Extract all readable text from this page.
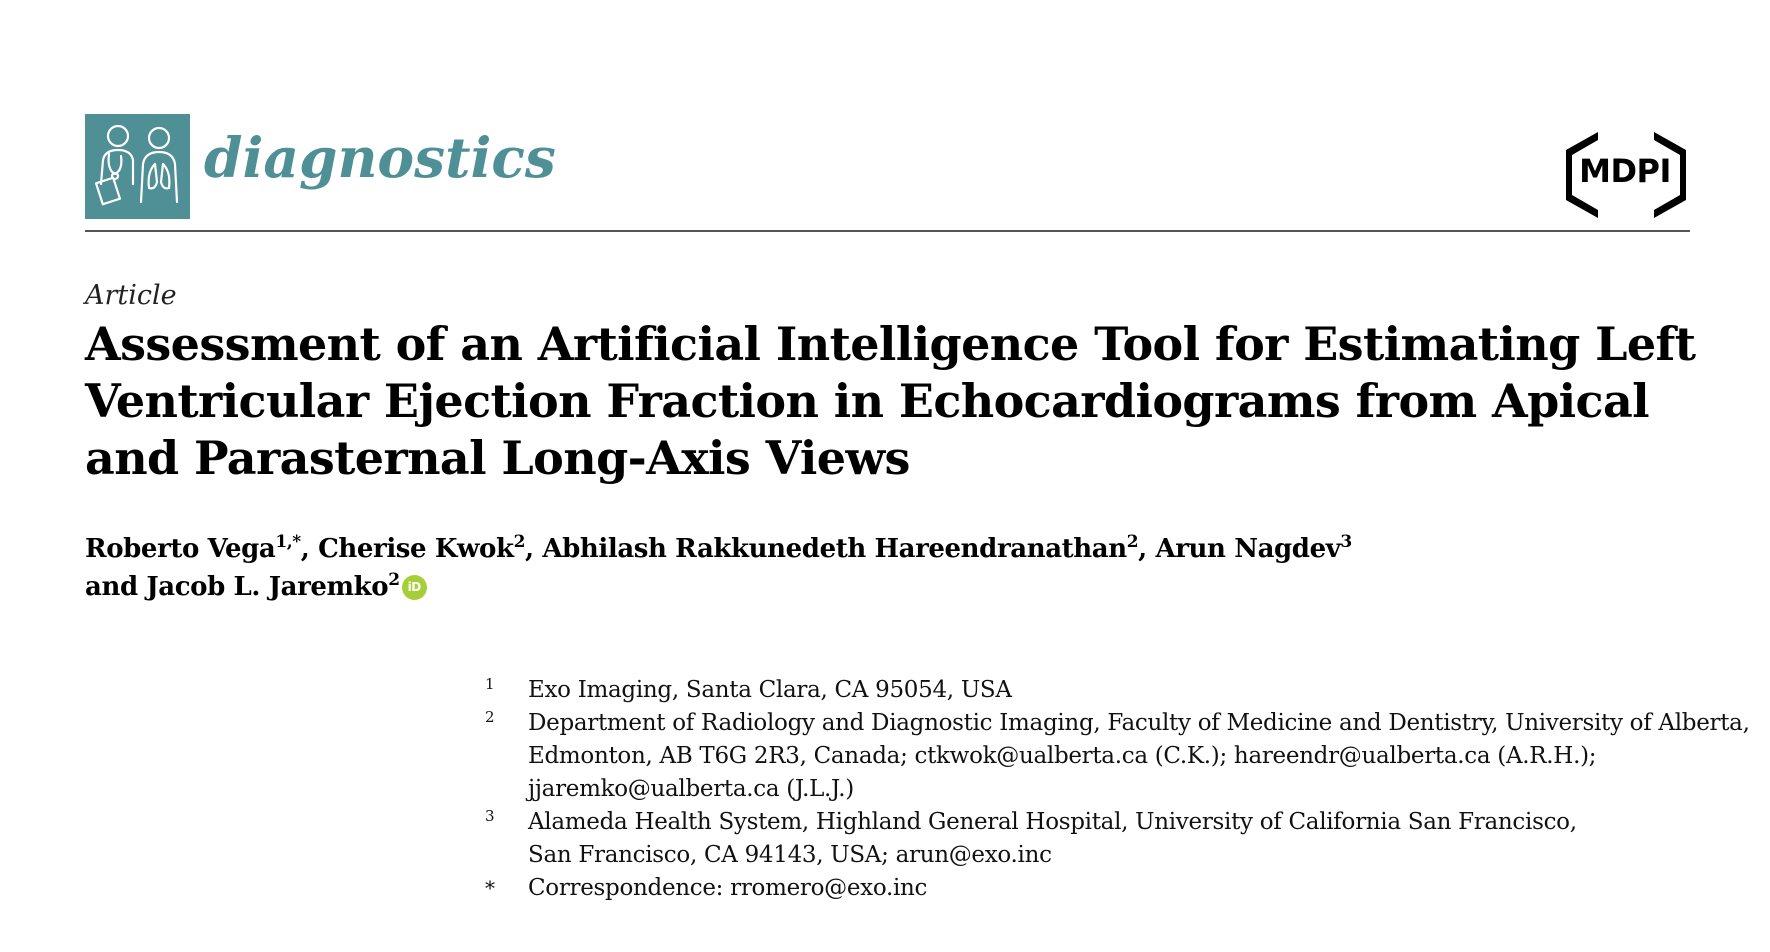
diagnostics	MDPI
Article
Assessment of an Artificial Intelligence Tool for Estimating Left
Ventricular Ejection Fraction in Echocardiograms from Apical
and Parasternal Long-Axis Views
Roberto Vega$^{1,*}$, Cherise Kwok$^2$, Abhilash Rakkunedeth Hareendranathan$^2$, Arun Nagdev$^3$
and Jacob L. Jaremko$^2$ iD
1 Exo Imaging, Santa Clara, CA 95054, USA
2 Department of Radiology and Diagnostic Imaging, Faculty of Medicine and Dentistry, University of Alberta,
Edmonton, AB T6G 2R3, Canada; ctkwok@ualberta.ca (C.K.); hareendr@ualberta.ca (A.R.H.);
jjaremko@ualberta.ca (J.L.J.)
3 Alameda Health System, Highland General Hospital, University of California San Francisco,
San Francisco, CA 94143, USA; arun@exo.inc
* Correspondence: rromero@exo.inc
